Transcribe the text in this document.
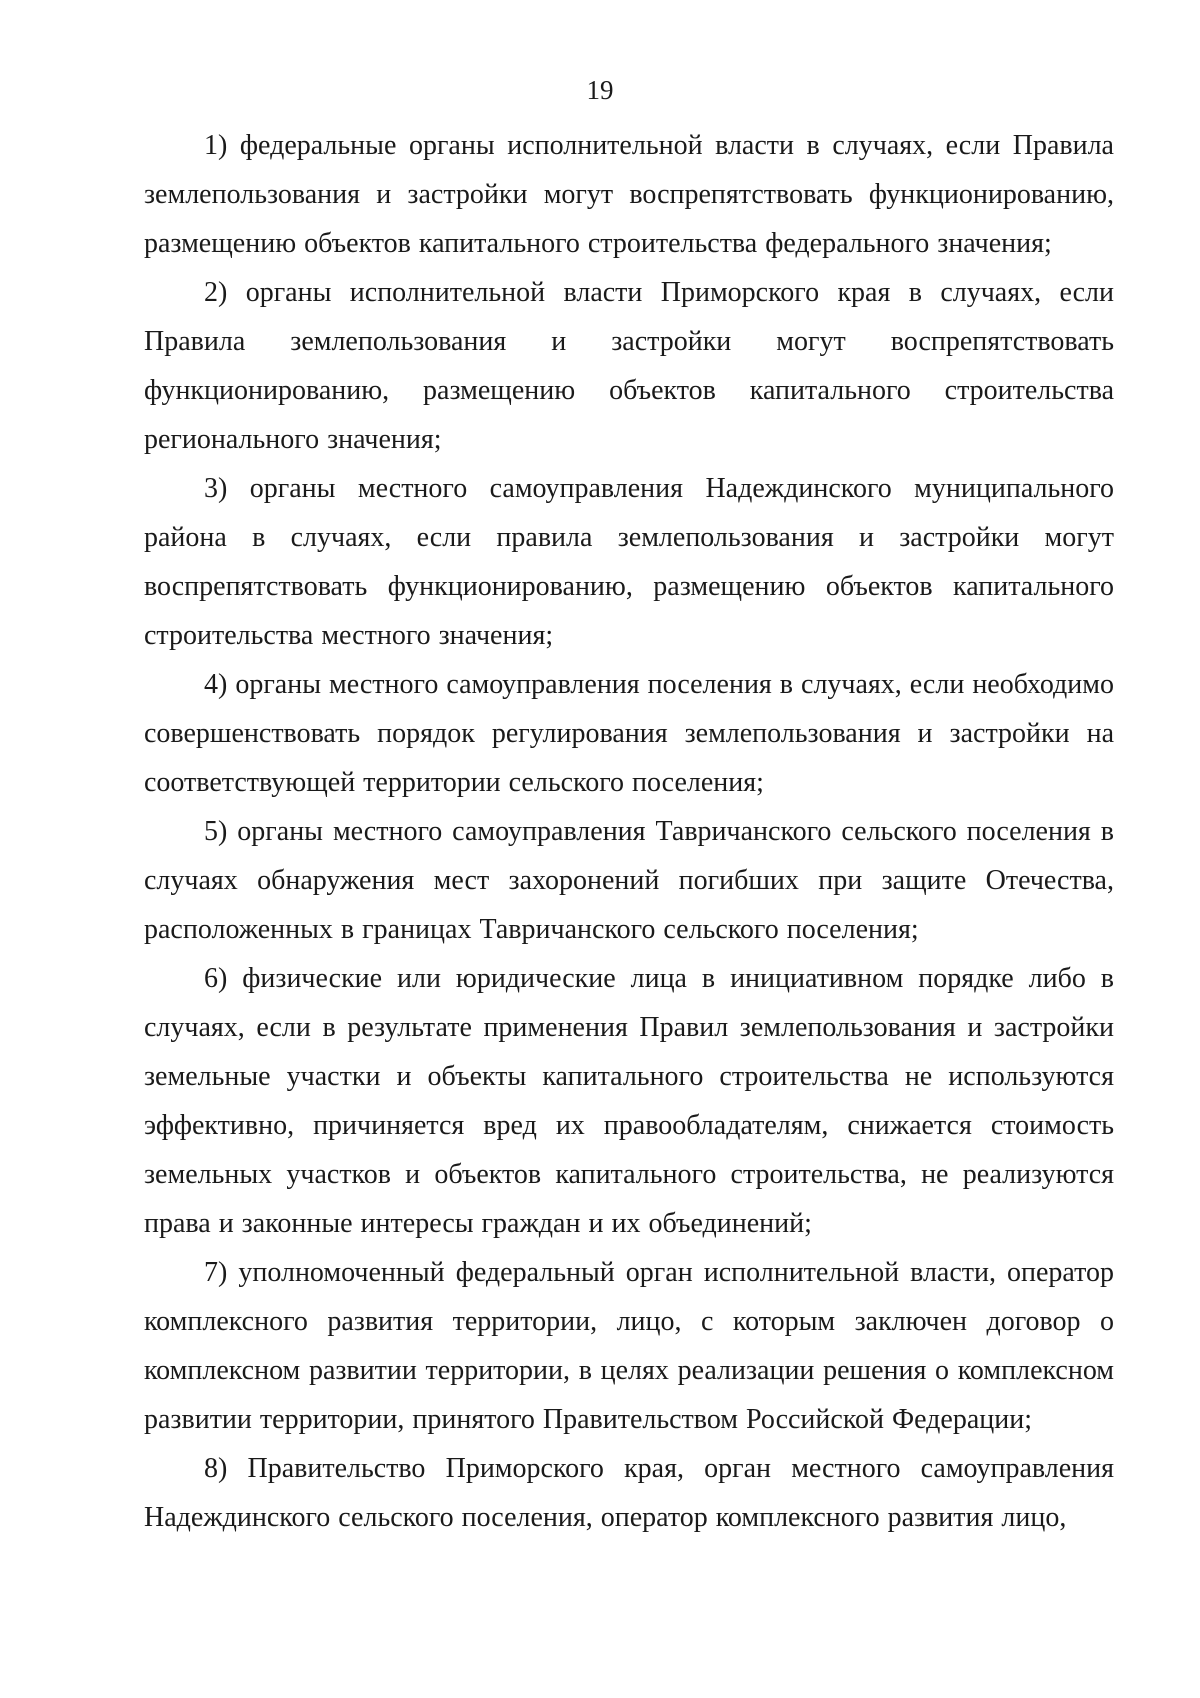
19

1) федеральные органы исполнительной власти в случаях, если Правила землепользования и застройки могут воспрепятствовать функционированию, размещению объектов капитального строительства федерального значения;

2) органы исполнительной власти Приморского края в случаях, если Правила землепользования и застройки могут воспрепятствовать функционированию, размещению объектов капитального строительства регионального значения;

3) органы местного самоуправления Надеждинского муниципального района в случаях, если правила землепользования и застройки могут воспрепятствовать функционированию, размещению объектов капитального строительства местного значения;

4) органы местного самоуправления поселения в случаях, если необходимо совершенствовать порядок регулирования землепользования и застройки на соответствующей территории сельского поселения;

5) органы местного самоуправления Тавричанского сельского поселения в случаях обнаружения мест захоронений погибших при защите Отечества, расположенных в границах Тавричанского сельского поселения;

6) физические или юридические лица в инициативном порядке либо в случаях, если в результате применения Правил землепользования и застройки земельные участки и объекты капитального строительства не используются эффективно, причиняется вред их правообладателям, снижается стоимость земельных участков и объектов капитального строительства, не реализуются права и законные интересы граждан и их объединений;

7) уполномоченный федеральный орган исполнительной власти, оператор комплексного развития территории, лицо, с которым заключен договор о комплексном развитии территории, в целях реализации решения о комплексном развитии территории, принятого Правительством Российской Федерации;

8) Правительство Приморского края, орган местного самоуправления Надеждинского сельского поселения, оператор комплексного развития лицо,
